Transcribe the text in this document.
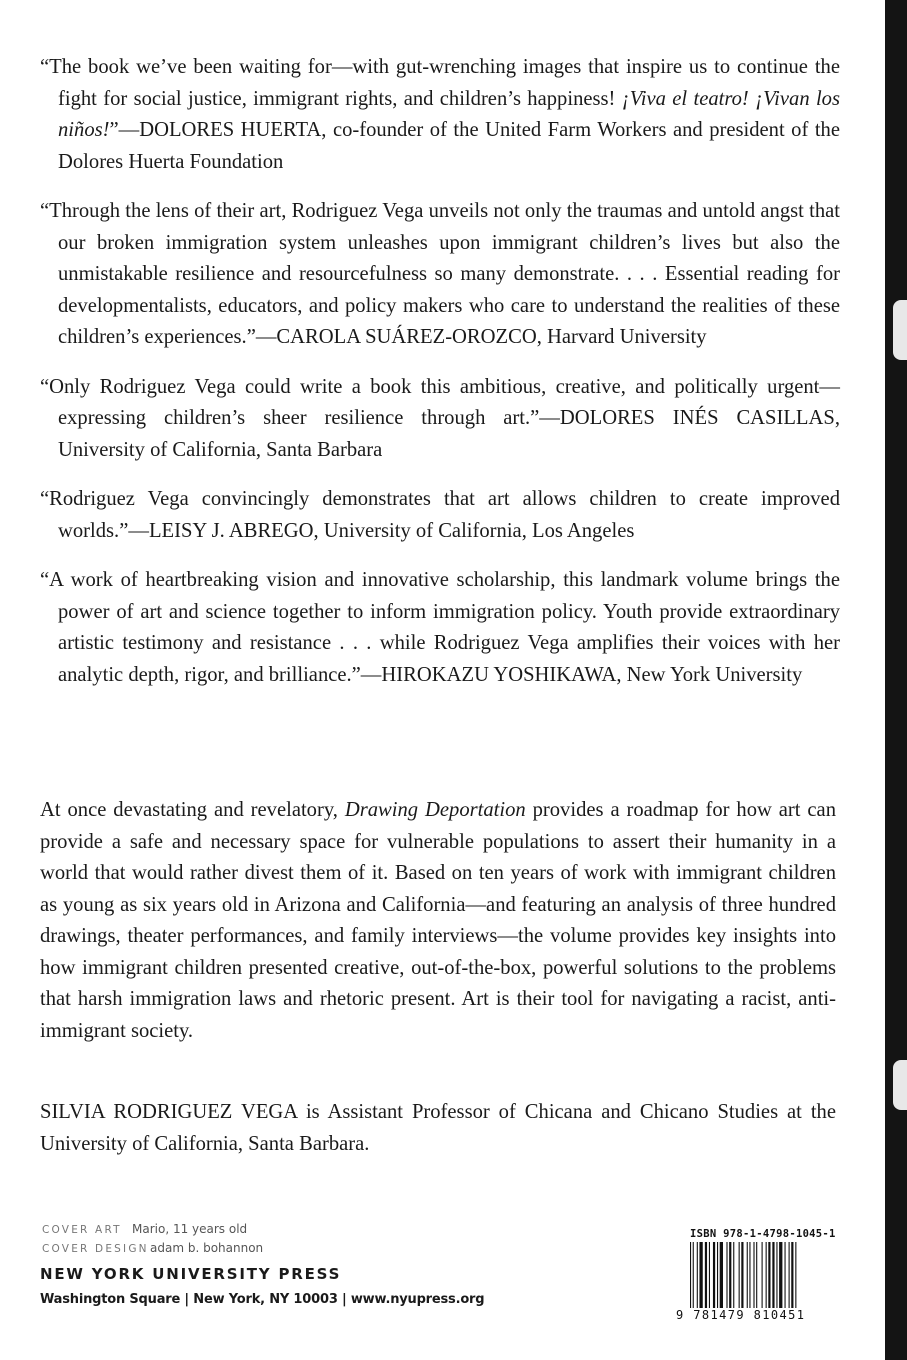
“The book we’ve been waiting for—with gut-wrenching images that inspire us to continue the fight for social justice, immigrant rights, and children’s happiness! ¡Viva el teatro! ¡Vivan los niños!”—DOLORES HUERTA, co-founder of the United Farm Workers and president of the Dolores Huerta Foundation

“Through the lens of their art, Rodriguez Vega unveils not only the traumas and untold angst that our broken immigration system unleashes upon immigrant children’s lives but also the unmistakable resilience and resourcefulness so many demonstrate. . . . Essential reading for developmentalists, educators, and policy makers who care to understand the realities of these children’s experiences.”—CAROLA SUÁREZ-OROZCO, Harvard University

“Only Rodriguez Vega could write a book this ambitious, creative, and politically urgent—expressing children’s sheer resilience through art.”—DOLORES INÉS CASILLAS, University of California, Santa Barbara

“Rodriguez Vega convincingly demonstrates that art allows children to create improved worlds.”—LEISY J. ABREGO, University of California, Los Angeles

“A work of heartbreaking vision and innovative scholarship, this landmark volume brings the power of art and science together to inform immigration policy. Youth provide extraordinary artistic testimony and resistance . . . while Rodriguez Vega amplifies their voices with her analytic depth, rigor, and brilliance.”—HIROKAZU YOSHIKAWA, New York University

At once devastating and revelatory, Drawing Deportation provides a roadmap for how art can provide a safe and necessary space for vulnerable populations to assert their humanity in a world that would rather divest them of it. Based on ten years of work with immigrant children as young as six years old in Arizona and California—and featuring an analysis of three hundred drawings, theater performances, and family interviews—the volume provides key insights into how immigrant children presented creative, out-of-the-box, powerful solutions to the problems that harsh immigration laws and rhetoric present. Art is their tool for navigating a racist, anti-immigrant society.

SILVIA RODRIGUEZ VEGA is Assistant Professor of Chicana and Chicano Studies at the University of California, Santa Barbara.

COVER ART Mario, 11 years old
COVER DESIGNadam b. bohannon
NEW YORK UNIVERSITY PRESS
Washington Square | New York, NY 10003 | www.nyupress.org
ISBN 978-1-4798-1045-1
9 781479 810451
